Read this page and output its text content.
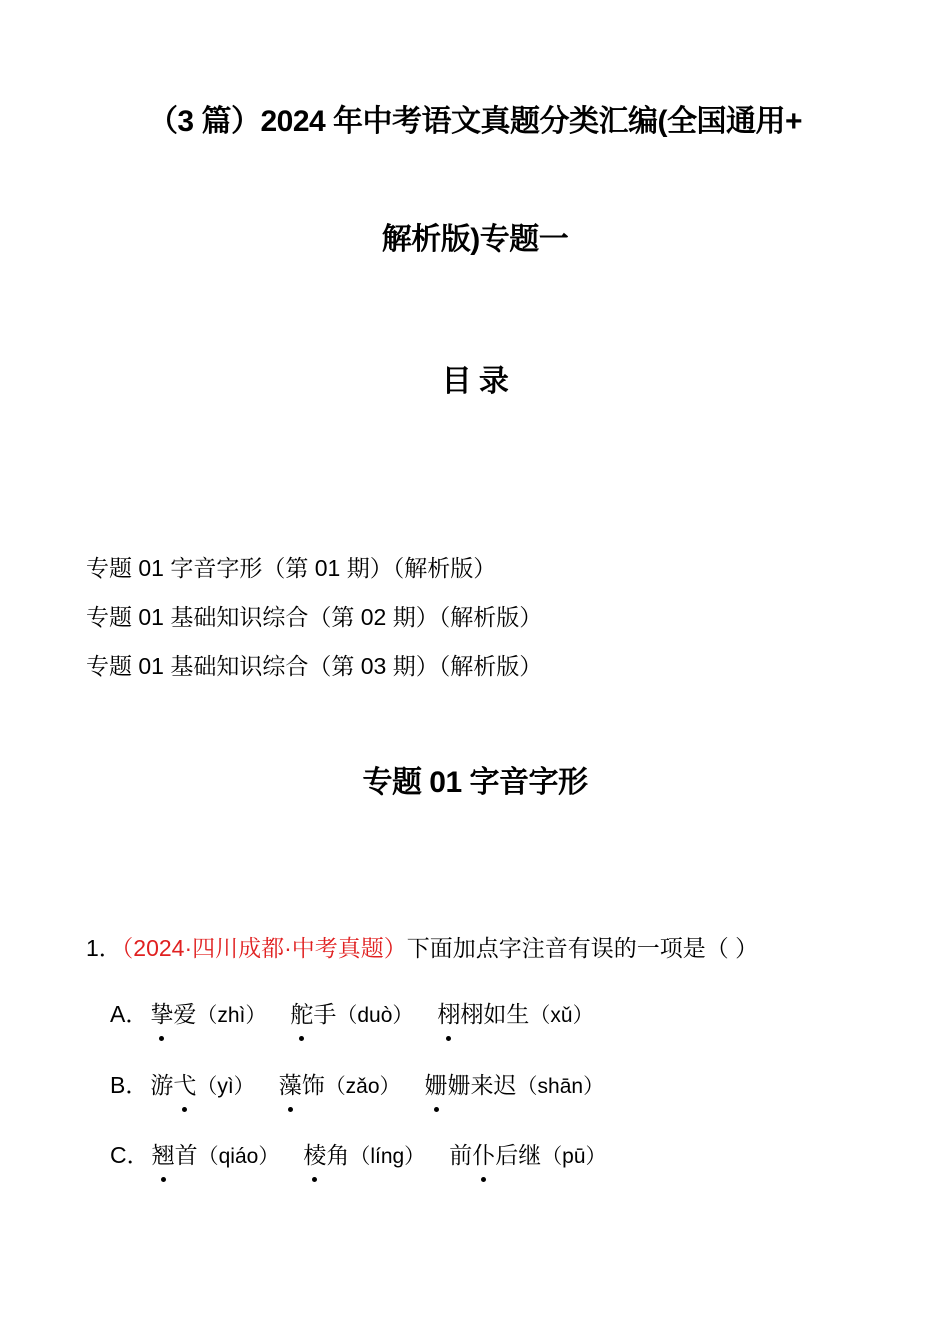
（3 篇）2024 年中考语文真题分类汇编(全国通用+
解析版)专题一
目 录
专题 01 字音字形（第 01 期）（解析版）
专题 01 基础知识综合（第 02 期）（解析版）
专题 01 基础知识综合（第 03 期）（解析版）
专题 01 字音字形
1．（2024·四川成都·中考真题）下面加点字注音有误的一项是（ ）
A． 挚爱（zhì） 舵手（duò） 栩栩如生（xǔ）
B． 游弋（yì） 藻饰（zǎo） 姗姗来迟（shān）
C． 翘首（qiáo） 棱角（líng） 前仆后继（pū）
